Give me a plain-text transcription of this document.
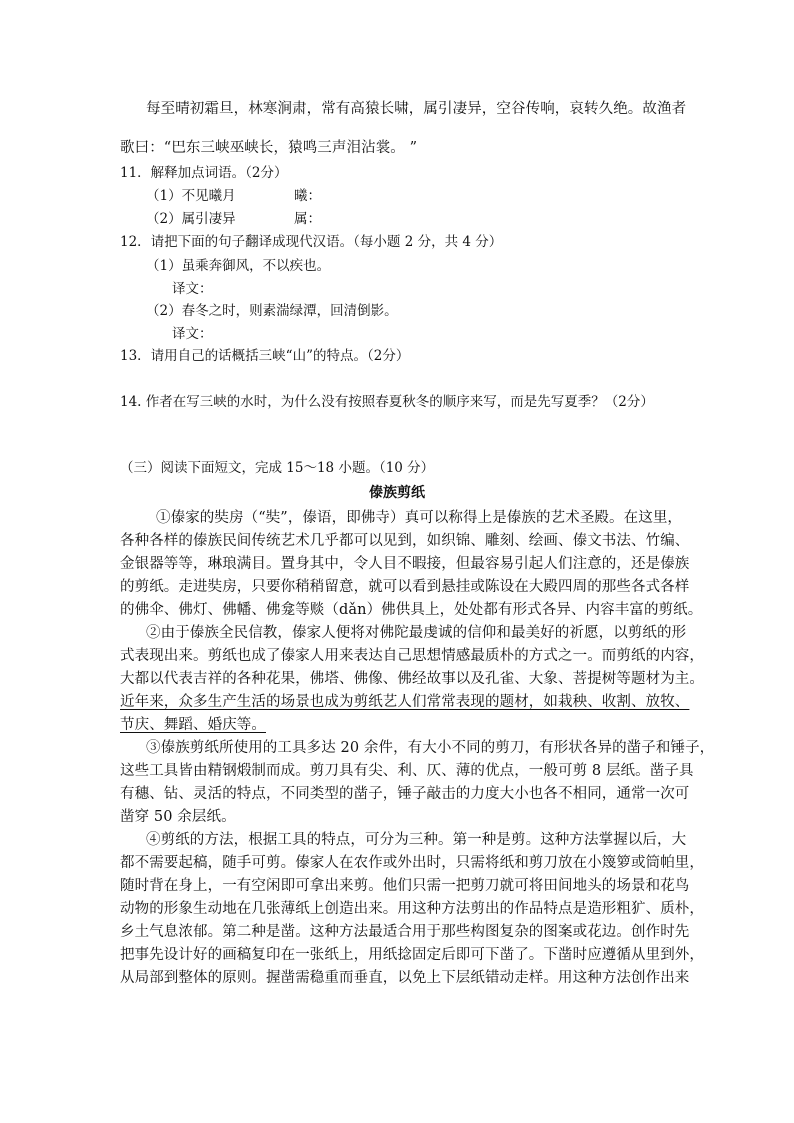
每至晴初霜旦，林寒涧肃，常有高猿长啸，属引凄异，空谷传响，哀转久绝。故渔者
歌曰：“巴东三峡巫峡长，猿鸣三声泪沾裳。 ”
11．解释加点词语。（2分）
（1）不见曦月	曦：
（2）属引凄异	属：
12．请把下面的句子翻译成现代汉语。（每小题 2 分，共 4 分）
（1）虽乘奔御风，不以疾也。
译文：
（2）春冬之时，则素湍绿潭，回清倒影。
译文：
13．请用自己的话概括三峡“山”的特点。（2分）
14. 作者在写三峡的水时，为什么没有按照春夏秋冬的顺序来写，而是先写夏季？（2分）
（三）阅读下面短文，完成 15～18 小题。（10 分）
傣族剪纸
①傣家的奘房（“奘”，傣语，即佛寺）真可以称得上是傣族的艺术圣殿。在这里，
各种各样的傣族民间传统艺术几乎都可以见到，如织锦、雕刻、绘画、傣文书法、竹编、
金银器等等，琳琅满目。置身其中，令人目不暇接，但最容易引起人们注意的，还是傣族
的剪纸。走进奘房，只要你稍稍留意，就可以看到悬挂或陈设在大殿四周的那些各式各样
的佛伞、佛灯、佛幡、佛龛等赕（dǎn）佛供具上，处处都有形式各异、内容丰富的剪纸。
②由于傣族全民信教，傣家人便将对佛陀最虔诚的信仰和最美好的祈愿，以剪纸的形
式表现出来。剪纸也成了傣家人用来表达自己思想情感最质朴的方式之一。而剪纸的内容，
大都以代表吉祥的各种花果，佛塔、佛像、佛经故事以及孔雀、大象、菩提树等题材为主。
近年来，众多生产生活的场景也成为剪纸艺人们常常表现的题材，如栽秧、收割、放牧、
节庆、舞蹈、婚庆等。
③傣族剪纸所使用的工具多达 20 余件，有大小不同的剪刀，有形状各异的凿子和锤子，
这些工具皆由精钢煅制而成。剪刀具有尖、利、仄、薄的优点，一般可剪 8 层纸。凿子具
有穗、钻、灵活的特点，不同类型的凿子，锤子敲击的力度大小也各不相同，通常一次可
凿穿 50 余层纸。
④剪纸的方法，根据工具的特点，可分为三种。第一种是剪。这种方法掌握以后，大
都不需要起稿，随手可剪。傣家人在农作或外出时，只需将纸和剪刀放在小篾箩或筒帕里，
随时背在身上，一有空闲即可拿出来剪。他们只需一把剪刀就可将田间地头的场景和花鸟
动物的形象生动地在几张薄纸上创造出来。用这种方法剪出的作品特点是造形粗犷、质朴，
乡土气息浓郁。第二种是凿。这种方法最适合用于那些构图复杂的图案或花边。创作时先
把事先设计好的画稿复印在一张纸上，用纸捻固定后即可下凿了。下凿时应遵循从里到外，
从局部到整体的原则。握凿需稳重而垂直，以免上下层纸错动走样。用这种方法创作出来
